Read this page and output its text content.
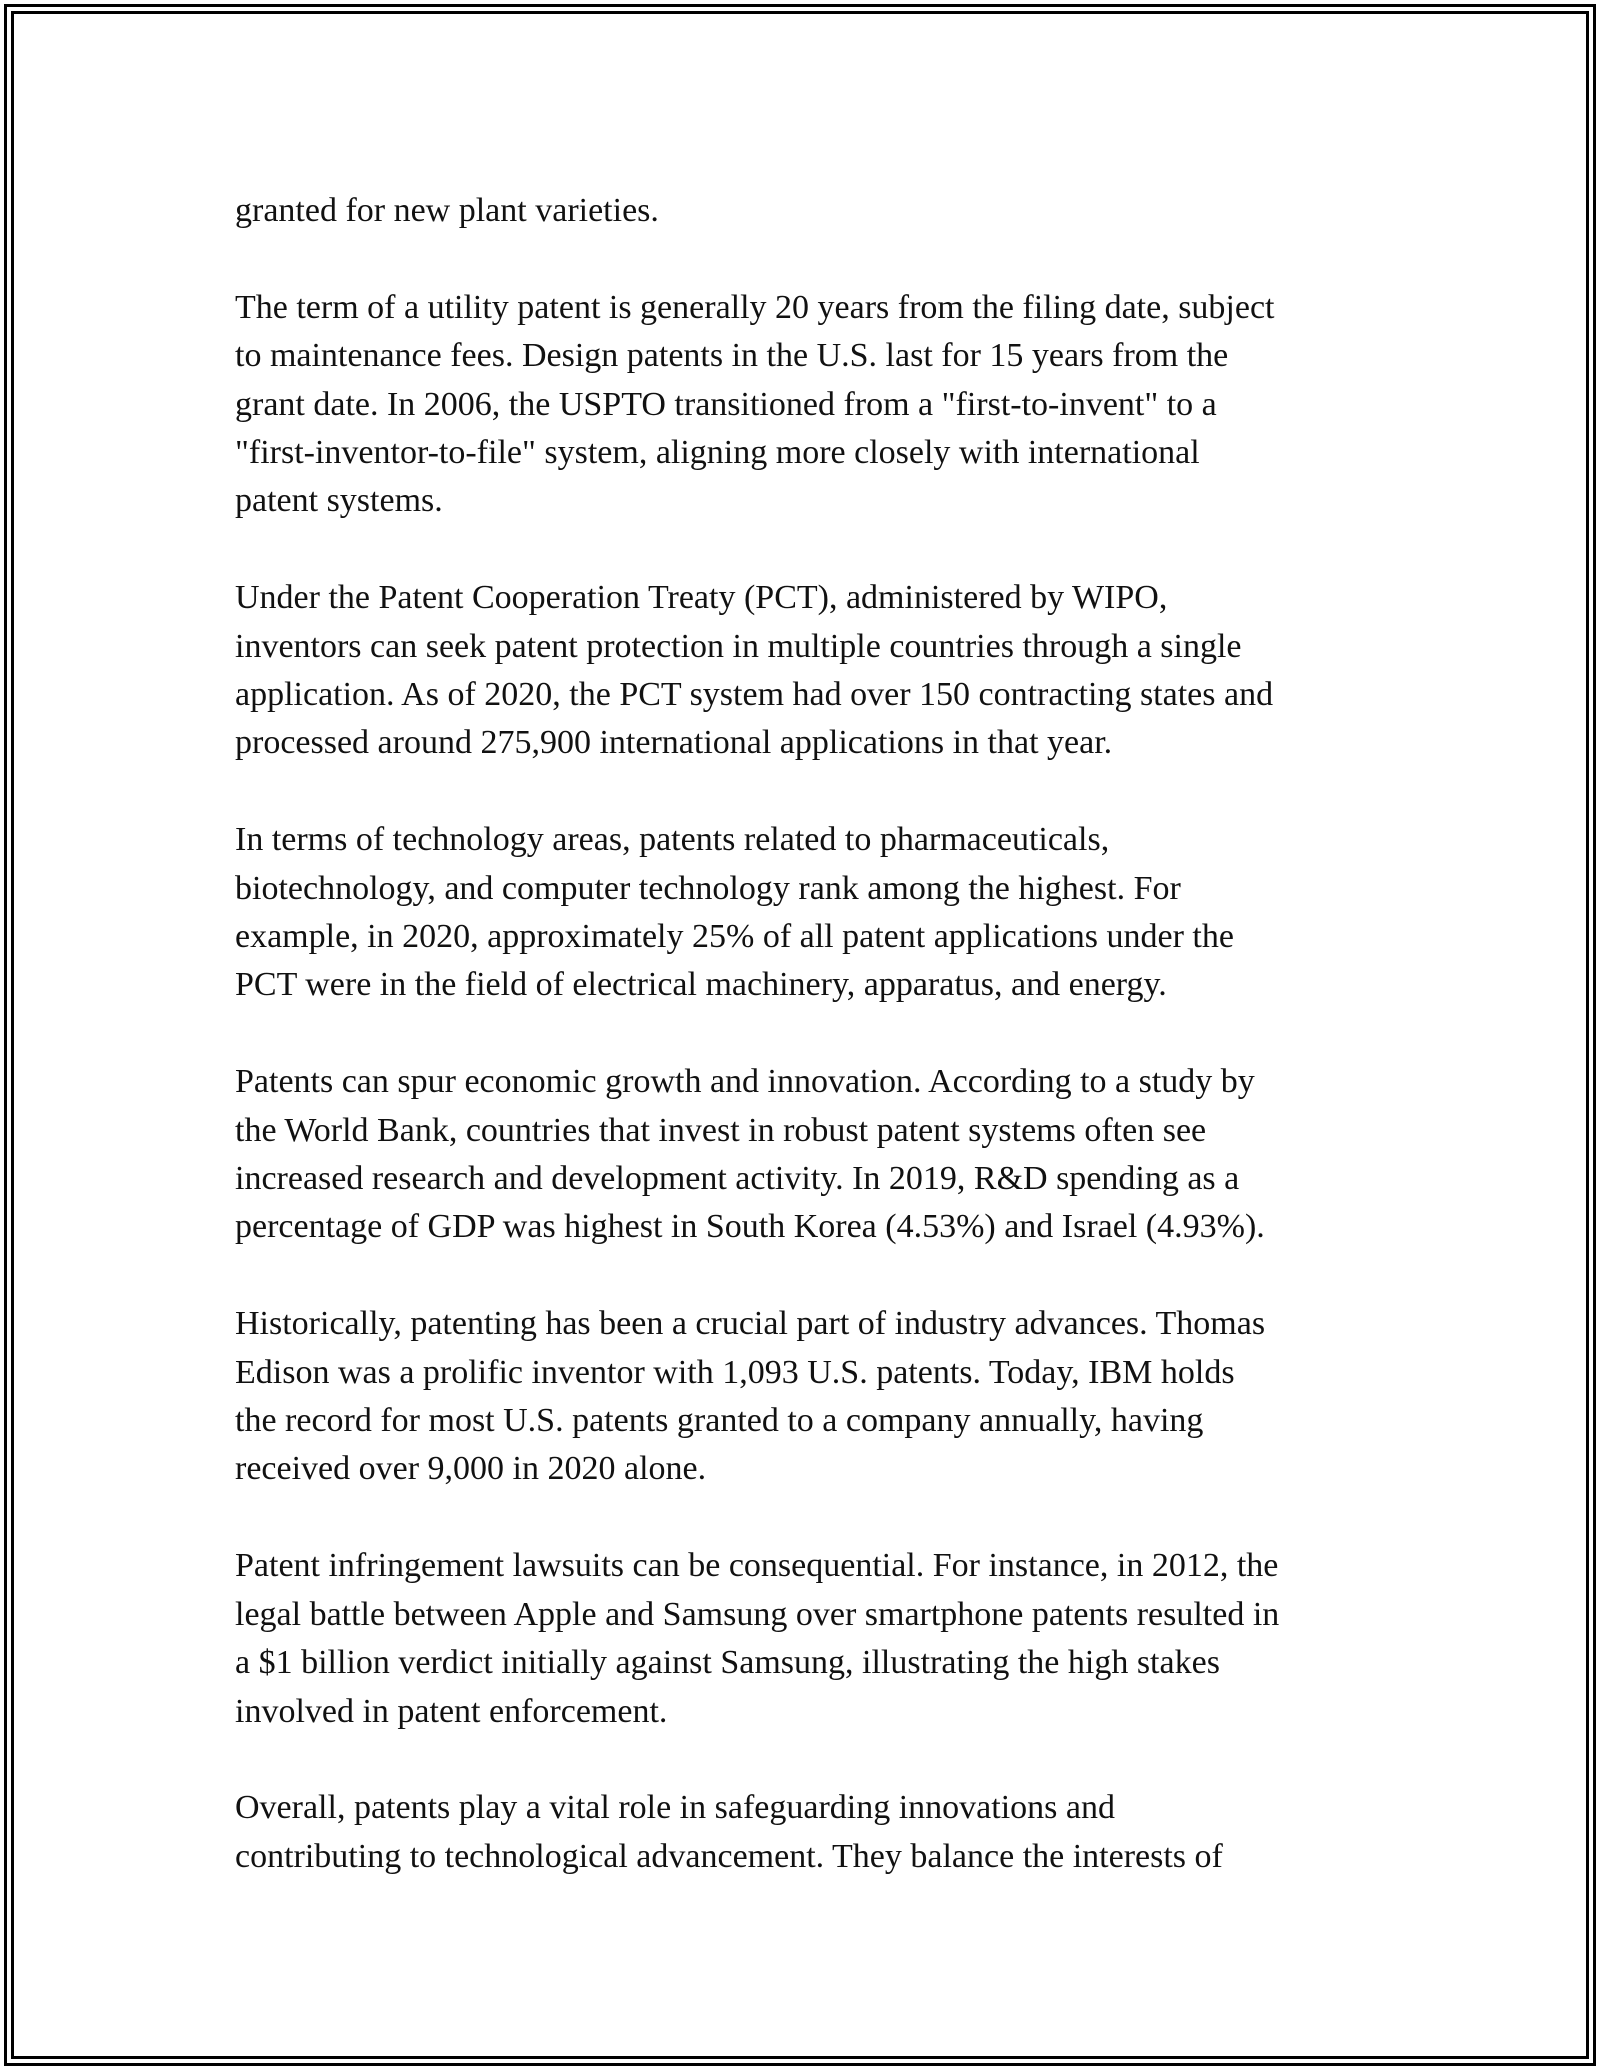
granted for new plant varieties.

The term of a utility patent is generally 20 years from the filing date, subject
to maintenance fees. Design patents in the U.S. last for 15 years from the
grant date. In 2006, the USPTO transitioned from a "first-to-invent" to a
"first-inventor-to-file" system, aligning more closely with international
patent systems.

Under the Patent Cooperation Treaty (PCT), administered by WIPO,
inventors can seek patent protection in multiple countries through a single
application. As of 2020, the PCT system had over 150 contracting states and
processed around 275,900 international applications in that year.

In terms of technology areas, patents related to pharmaceuticals,
biotechnology, and computer technology rank among the highest. For
example, in 2020, approximately 25% of all patent applications under the
PCT were in the field of electrical machinery, apparatus, and energy.

Patents can spur economic growth and innovation. According to a study by
the World Bank, countries that invest in robust patent systems often see
increased research and development activity. In 2019, R&D spending as a
percentage of GDP was highest in South Korea (4.53%) and Israel (4.93%).

Historically, patenting has been a crucial part of industry advances. Thomas
Edison was a prolific inventor with 1,093 U.S. patents. Today, IBM holds
the record for most U.S. patents granted to a company annually, having
received over 9,000 in 2020 alone.

Patent infringement lawsuits can be consequential. For instance, in 2012, the
legal battle between Apple and Samsung over smartphone patents resulted in
a $1 billion verdict initially against Samsung, illustrating the high stakes
involved in patent enforcement.

Overall, patents play a vital role in safeguarding innovations and
contributing to technological advancement. They balance the interests of
